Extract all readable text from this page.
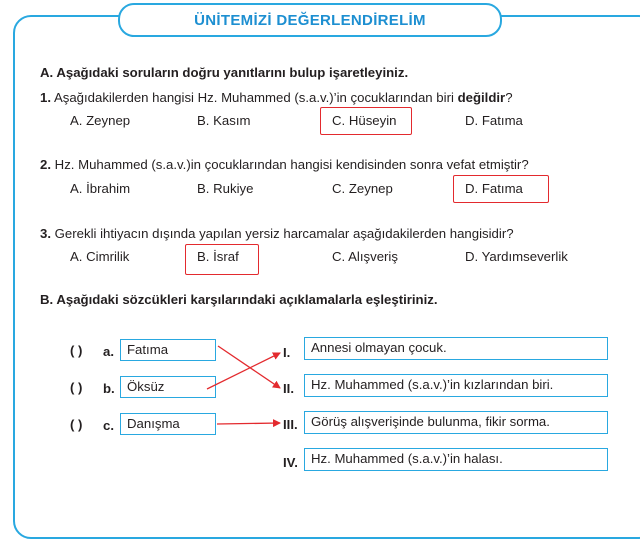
ÜNİTEMİZİ DEĞERLENDİRELİM
A. Aşağıdaki soruların doğru yanıtlarını bulup işaretleyiniz.
1. Aşağıdakilerden hangisi Hz. Muhammed (s.a.v.)’in çocuklarından biri değildir?
A. Zeynep	B. Kasım	C. Hüseyin	D. Fatıma
2. Hz. Muhammed (s.a.v.)in çocuklarından hangisi kendisinden sonra vefat etmiştir?
A. İbrahim	B. Rukiye	C. Zeynep	D. Fatıma
3. Gerekli ihtiyacın dışında yapılan yersiz harcamalar aşağıdakilerden hangisidir?
A. Cimrilik	B. İsraf	C. Alışveriş	D. Yardımseverlik
B. Aşağıdaki sözcükleri karşılarındaki açıklamalarla eşleştiriniz.
( ) a. Fatıma
( ) b. Öksüz
( ) c. Danışma
I. Annesi olmayan çocuk.
II. Hz. Muhammed (s.a.v.)’in kızlarından biri.
III. Görüş alışverişinde bulunma, fikir sorma.
IV. Hz. Muhammed (s.a.v.)’in halası.
